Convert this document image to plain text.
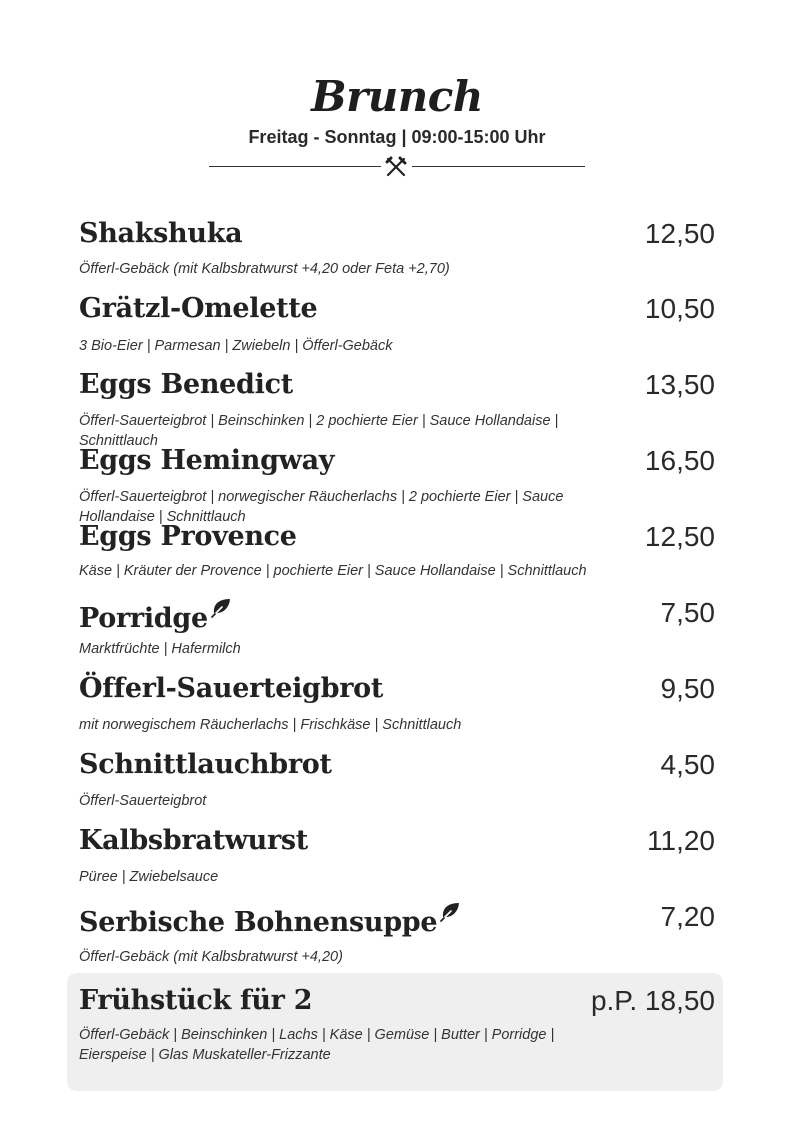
Brunch
Freitag - Sonntag | 09:00-15:00 Uhr
Shakshuka	12,50
Öfferl-Gebäck (mit Kalbsbratwurst +4,20 oder Feta +2,70)
Grätzl-Omelette	10,50
3 Bio-Eier | Parmesan | Zwiebeln | Öfferl-Gebäck
Eggs Benedict	13,50
Öfferl-Sauerteigbrot | Beinschinken | 2 pochierte Eier | Sauce Hollandaise | Schnittlauch
Eggs Hemingway	16,50
Öfferl-Sauerteigbrot | norwegischer Räucherlachs | 2 pochierte Eier | Sauce Hollandaise | Schnittlauch
Eggs Provence	12,50
Käse | Kräuter der Provence | pochierte Eier | Sauce Hollandaise | Schnittlauch
Porridge	7,50
Marktfrüchte | Hafermilch
Öfferl-Sauerteigbrot	9,50
mit norwegischem Räucherlachs | Frischkäse | Schnittlauch
Schnittlauchbrot	4,50
Öfferl-Sauerteigbrot
Kalbsbratwurst	11,20
Püree | Zwiebelsauce
Serbische Bohnensuppe	7,20
Öfferl-Gebäck (mit Kalbsbratwurst +4,20)
Frühstück für 2	p.P. 18,50
Öfferl-Gebäck | Beinschinken | Lachs | Käse | Gemüse | Butter | Porridge | Eierspeise | Glas Muskateller-Frizzante
